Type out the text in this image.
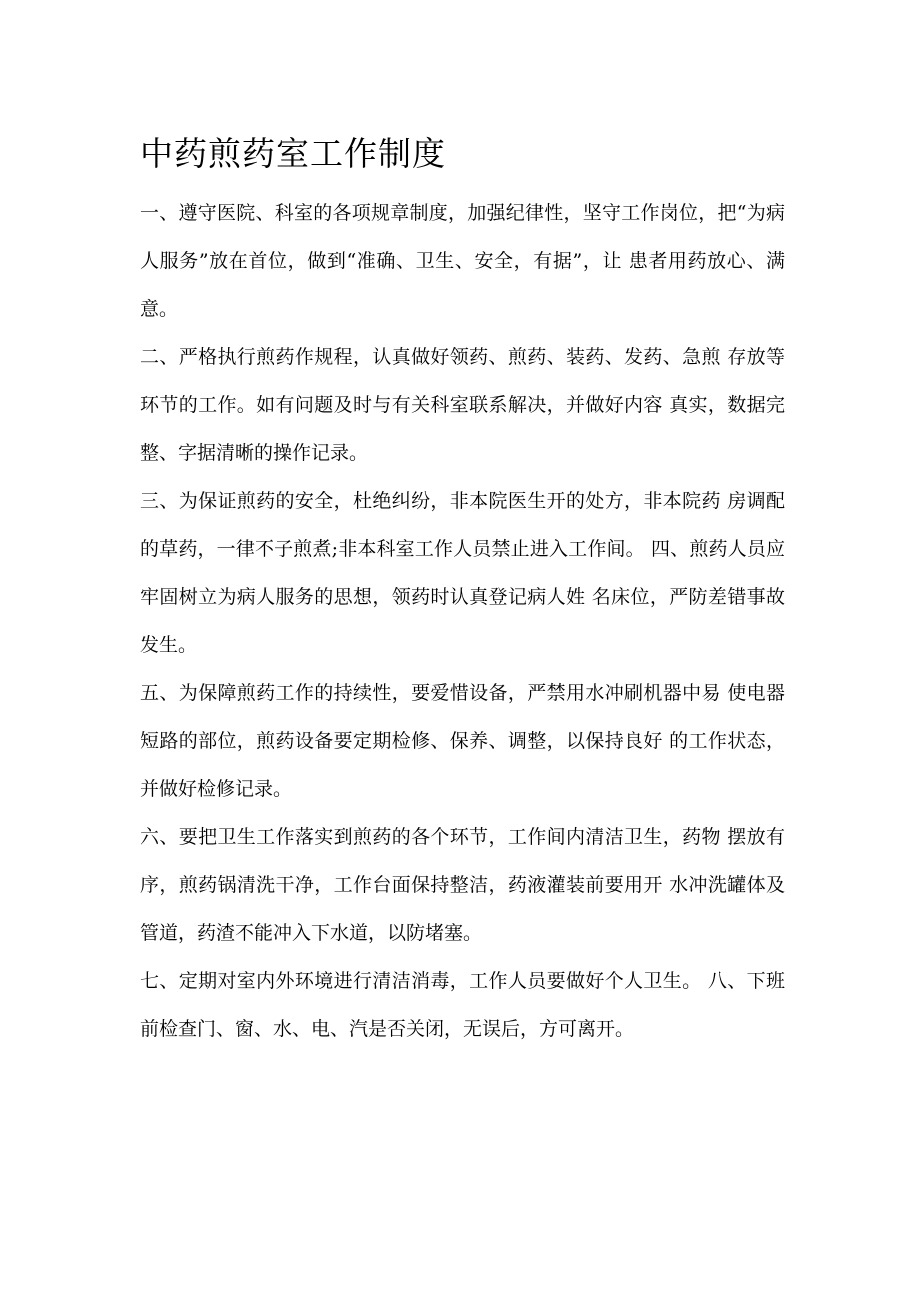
中药煎药室工作制度

一、遵守医院、科室的各项规章制度，加强纪律性，坚守工作岗位，把“为病人服务”放在首位，做到“准确、卫生、安全，有据”，让 患者用药放心、满意。

二、严格执行煎药作规程，认真做好领药、煎药、装药、发药、急煎 存放等环节的工作。如有问题及时与有关科室联系解决，并做好内容 真实，数据完整、字据清晰的操作记录。

三、为保证煎药的安全，杜绝纠纷，非本院医生开的处方，非本院药 房调配的草药，一律不子煎煮;非本科室工作人员禁止进入工作间。 四、煎药人员应牢固树立为病人服务的思想，领药时认真登记病人姓 名床位，严防差错事故发生。

五、为保障煎药工作的持续性，要爱惜设备，严禁用水冲刷机器中易 使电器短路的部位，煎药设备要定期检修、保养、调整，以保持良好 的工作状态，并做好检修记录。

六、要把卫生工作落实到煎药的各个环节，工作间内清洁卫生，药物 摆放有序，煎药锅清洗干净，工作台面保持整洁，药液灌装前要用开 水冲洗罐体及管道，药渣不能冲入下水道，以防堵塞。

七、定期对室内外环境进行清洁消毒，工作人员要做好个人卫生。 八、下班前检查门、窗、水、电、汽是否关闭，无误后，方可离开。
